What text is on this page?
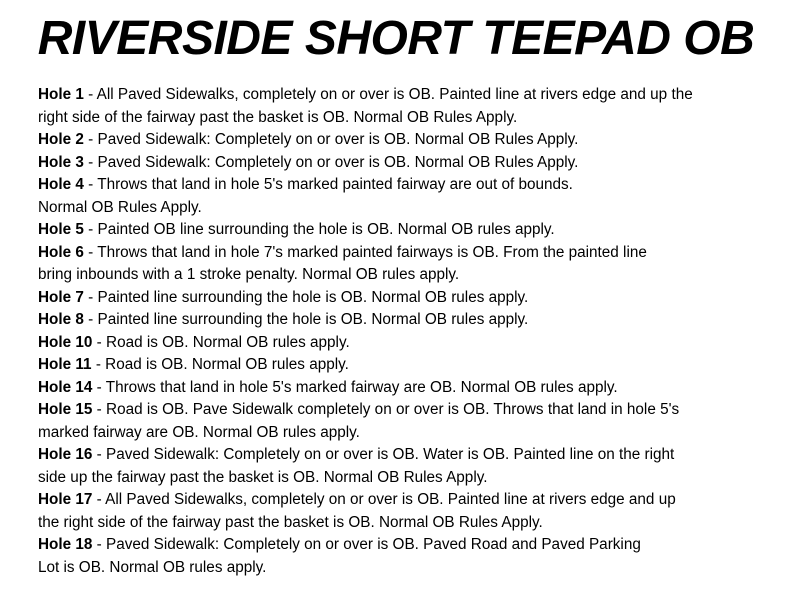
RIVERSIDE SHORT TEEPAD OB
Hole 1 - All Paved Sidewalks, completely on or over is OB. Painted line at rivers edge and up the
right side of the fairway past the basket is OB. Normal OB Rules Apply.
Hole 2 - Paved Sidewalk: Completely on or over is OB. Normal OB Rules Apply.
Hole 3 - Paved Sidewalk: Completely on or over is OB. Normal OB Rules Apply.
Hole 4 - Throws that land in hole 5's marked painted fairway are out of bounds.
Normal OB Rules Apply.
Hole 5 - Painted OB line surrounding the hole is OB. Normal OB rules apply.
Hole 6 - Throws that land in hole 7's marked painted fairways is OB. From the painted line
bring inbounds with a 1 stroke penalty. Normal OB rules apply.
Hole 7 - Painted line surrounding the hole is OB. Normal OB rules apply.
Hole 8 - Painted line surrounding the hole is OB. Normal OB rules apply.
Hole 10 - Road is OB. Normal OB rules apply.
Hole 11 - Road is OB. Normal OB rules apply.
Hole 14 - Throws that land in hole 5's marked fairway are OB. Normal OB rules apply.
Hole 15 - Road is OB. Pave Sidewalk completely on or over is OB. Throws that land in hole 5's
marked fairway are OB. Normal OB rules apply.
Hole 16 - Paved Sidewalk: Completely on or over is OB. Water is OB. Painted line on the right
side up the fairway past the basket is OB. Normal OB Rules Apply.
Hole 17 - All Paved Sidewalks, completely on or over is OB. Painted line at rivers edge and up
the right side of the fairway past the basket is OB. Normal OB Rules Apply.
Hole 18 - Paved Sidewalk: Completely on or over is OB. Paved Road and Paved Parking
Lot is OB. Normal OB rules apply.
